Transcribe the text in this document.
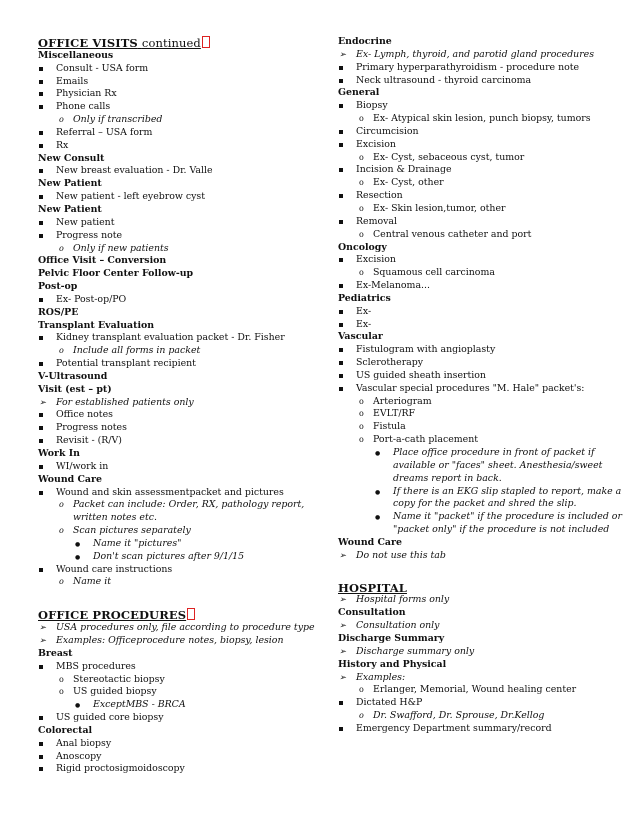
OFFICE VISITS continued
Miscellaneous
Consult - USA form
Emails
Physician Rx
Phone calls
o Only if transcribed
Referral – USA form
Rx
New Consult
New breast evaluation - Dr. Valle
New Patient
New patient - left eyebrow cyst
New Patient
New patient
Progress note
o Only if new patients
Office Visit – Conversion
Pelvic Floor Center Follow-up
Post-op
Ex- Post-op/PO
ROS/PE
Transplant Evaluation
Kidney transplant evaluation packet - Dr. Fisher
o Include all forms in packet
Potential transplant recipient
V-Ultrasound
Visit (est – pt)
➢ For established patients only
Office notes
Progress notes
Revisit - (R/V)
Work In
WI/work in
Wound Care
Wound and skin assessmentpacket and pictures
o Packet can include: Order, RX, pathology report,
written notes etc.
o Scan pictures separately
● Name it "pictures"
● Don't scan pictures after 9/1/15
Wound care instructions
o Name it
OFFICE PROCEDURES
➢ USA procedures only, file according to procedure type
➢ Examples: Officeprocedure notes, biopsy, lesion
Breast
MBS procedures
o Stereotactic biopsy
o US guided biopsy
● ExceptMBS - BRCA
US guided core biopsy
Colorectal
Anal biopsy
Anoscopy
Rigid proctosigmoidoscopy
Endocrine
➢ Ex- Lymph, thyroid, and parotid gland procedures
Primary hyperparathyroidism - procedure note
Neck ultrasound - thyroid carcinoma
General
Biopsy
o Ex- Atypical skin lesion, punch biopsy, tumors
Circumcision
Excision
o Ex- Cyst, sebaceous cyst, tumor
Incision & Drainage
o Ex- Cyst, other
Resection
o Ex- Skin lesion,tumor, other
Removal
o Central venous catheter and port
Oncology
Excision
o Squamous cell carcinoma
Ex-Melanoma...
Pediatrics
Ex-
Ex-
Vascular
Fistulogram with angioplasty
Sclerotherapy
US guided sheath insertion
Vascular special procedures "M. Hale" packet's:
o Arteriogram
o EVLT/RF
o Fistula
o Port-a-cath placement
● Place office procedure in front of packet if
available or "faces" sheet. Anesthesia/sweet
dreams report in back.
● If there is an EKG slip stapled to report, make a
copy for the packet and shred the slip.
● Name it "packet" if the procedure is included or
"packet only" if the procedure is not included
Wound Care
➢ Do not use this tab
HOSPITAL
➢ Hospital forms only
Consultation
➢ Consultation only
Discharge Summary
➢ Discharge summary only
History and Physical
➢ Examples:
o Erlanger, Memorial, Wound healing center
Dictated H&P
o Dr. Swafford, Dr. Sprouse, Dr.Kellog
Emergency Department summary/record
